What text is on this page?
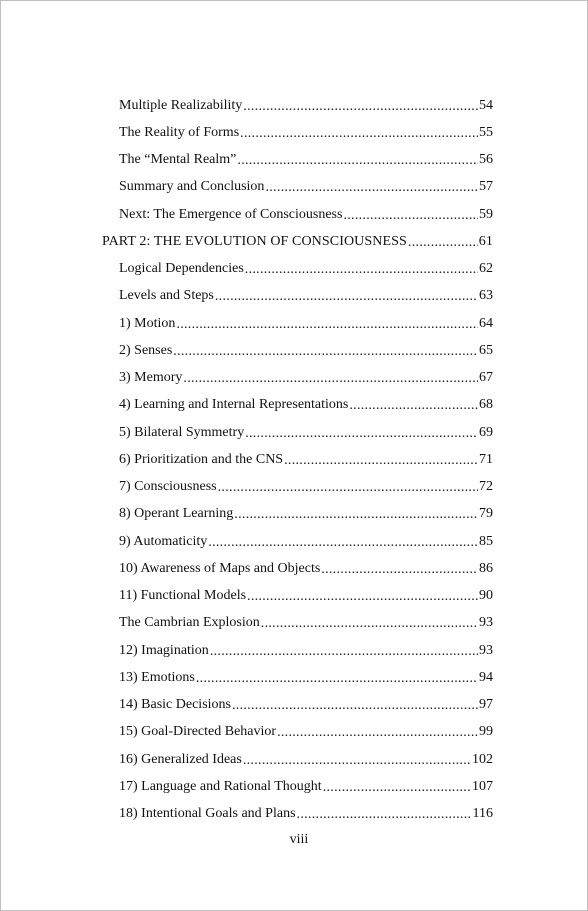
Multiple Realizability .....	54
The Reality of Forms .....	55
The “Mental Realm” .....	56
Summary and Conclusion .....	57
Next: The Emergence of Consciousness .....	59
PART 2: THE EVOLUTION OF CONSCIOUSNESS .....	61
Logical Dependencies .....	62
Levels and Steps .....	63
1) Motion .....	64
2) Senses .....	65
3) Memory .....	67
4) Learning and Internal Representations .....	68
5) Bilateral Symmetry .....	69
6) Prioritization and the CNS .....	71
7) Consciousness .....	72
8) Operant Learning .....	79
9) Automaticity .....	85
10) Awareness of Maps and Objects .....	86
11) Functional Models .....	90
The Cambrian Explosion .....	93
12) Imagination .....	93
13) Emotions .....	94
14) Basic Decisions .....	97
15) Goal-Directed Behavior .....	99
16) Generalized Ideas .....	102
17) Language and Rational Thought .....	107
18) Intentional Goals and Plans .....	116
viii
